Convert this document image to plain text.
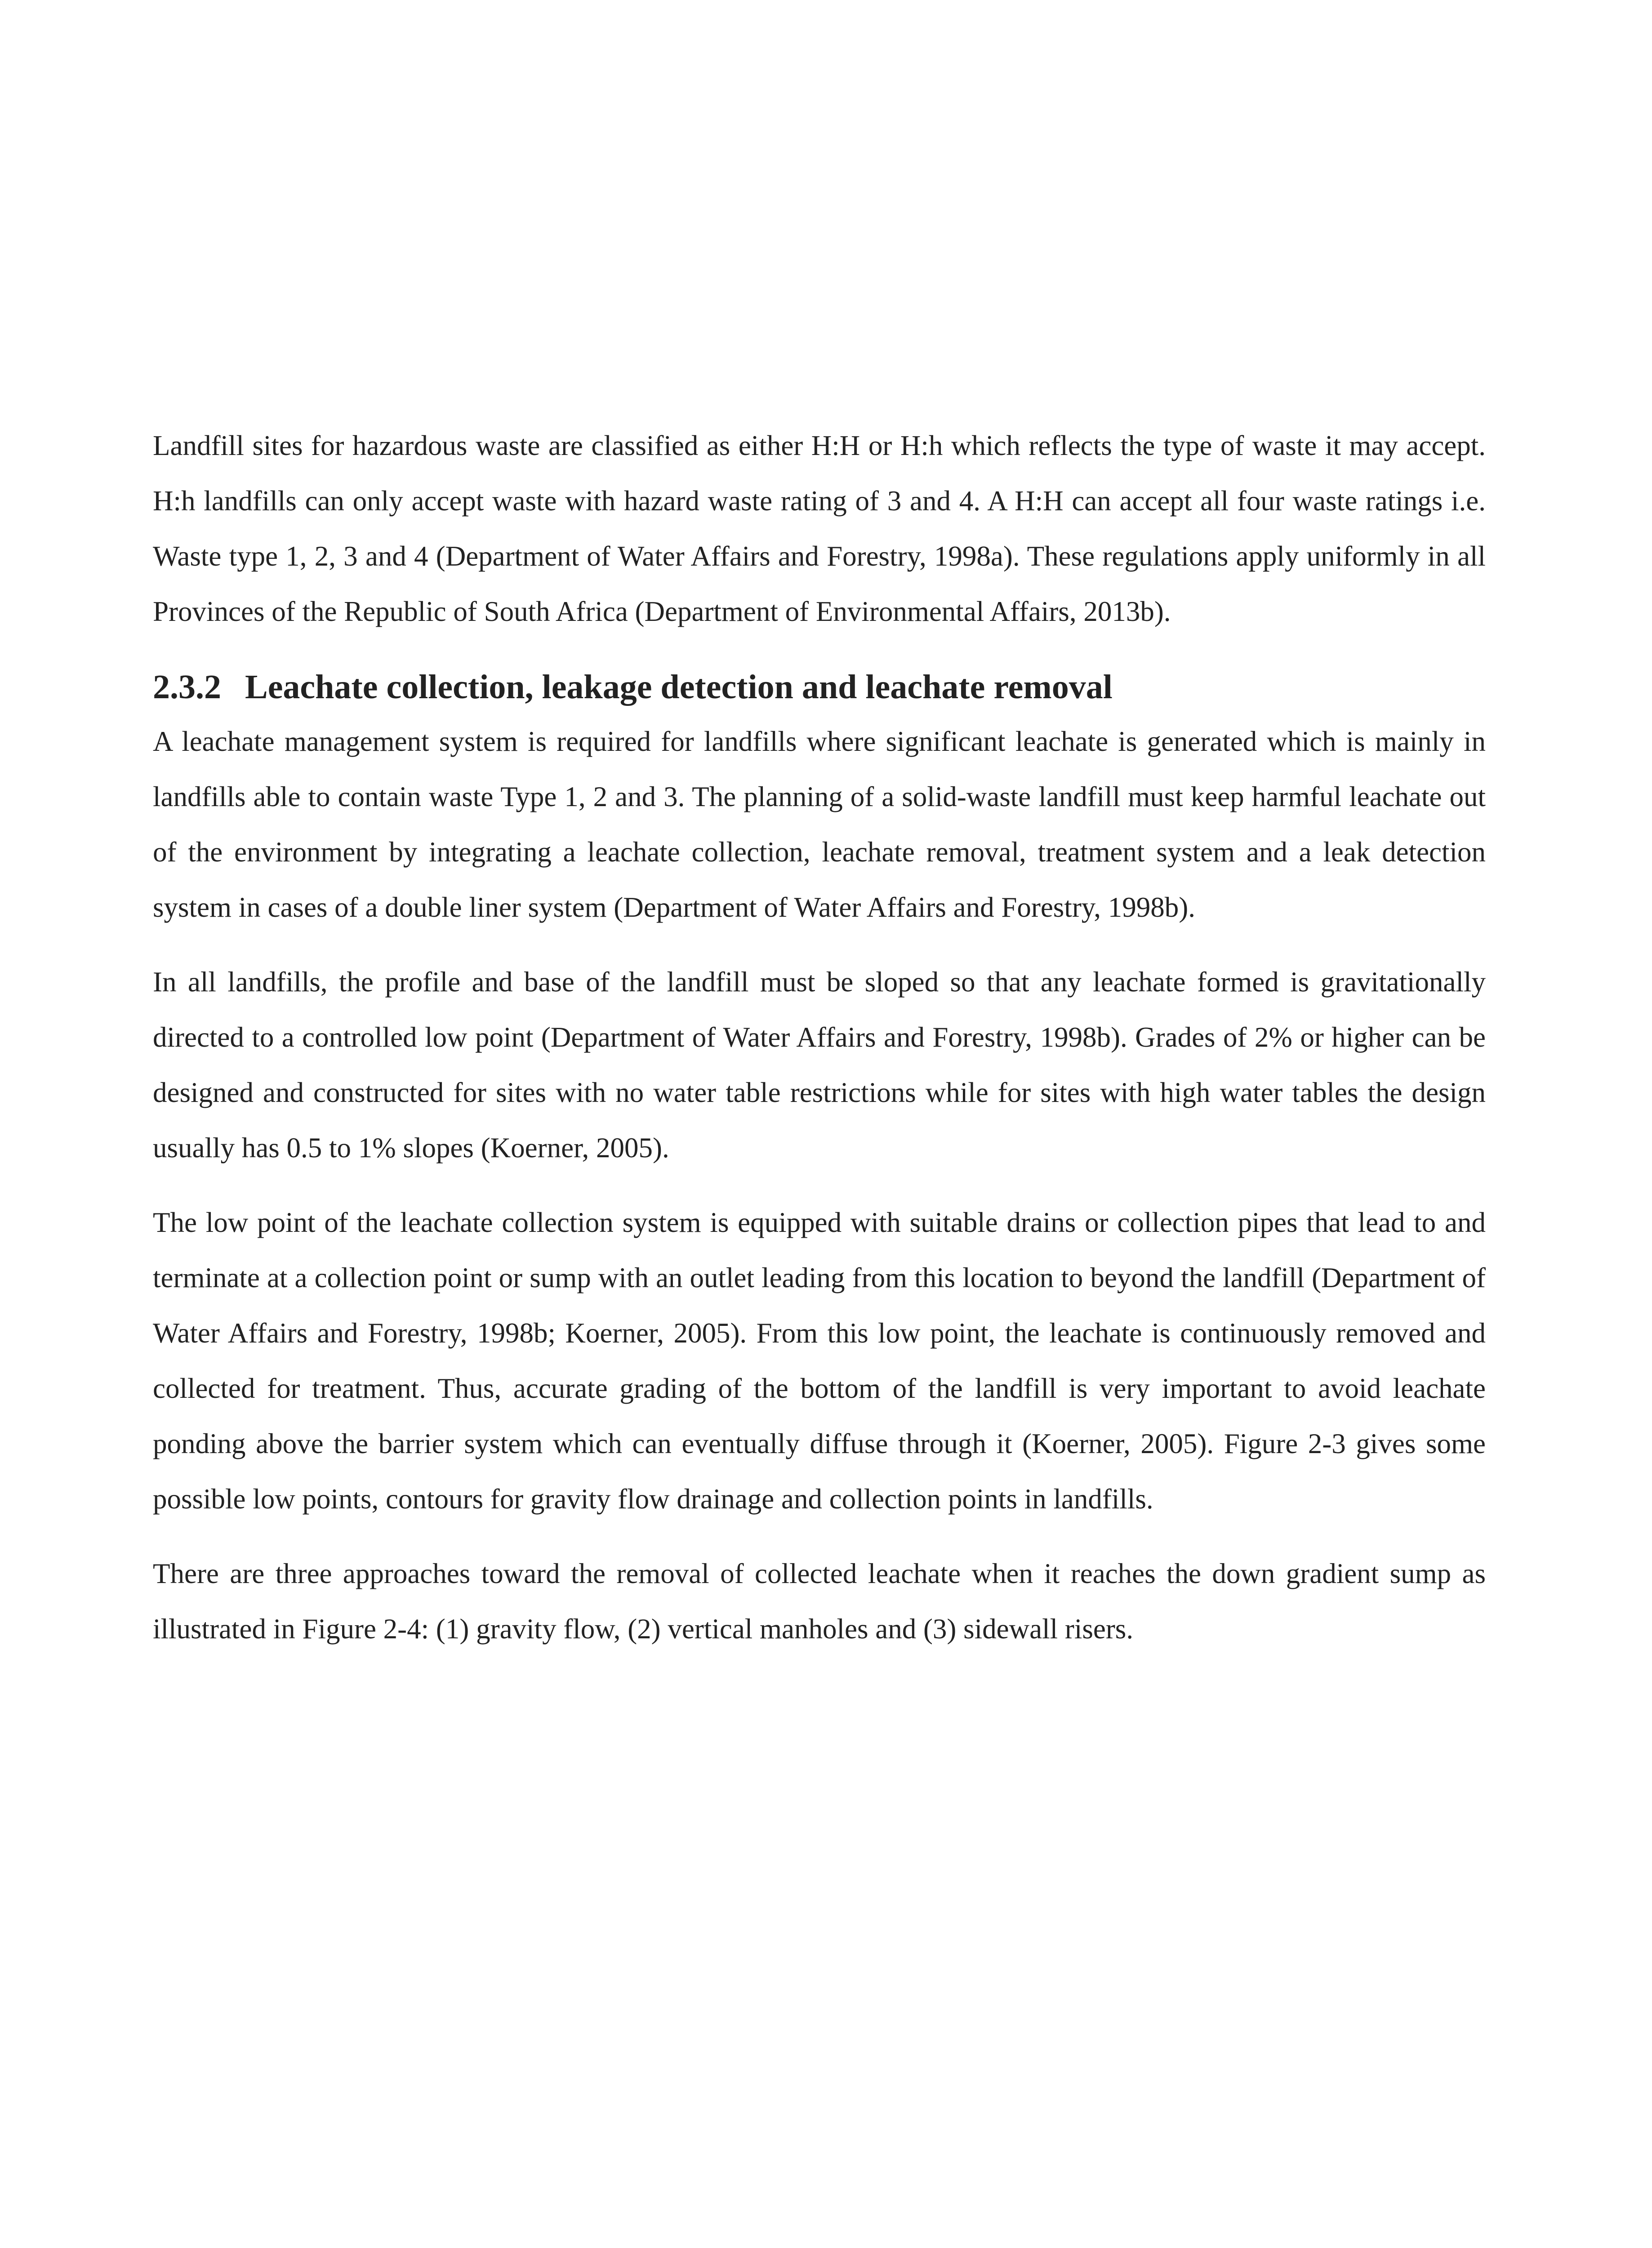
Landfill sites for hazardous waste are classified as either H:H or H:h which reflects the type of waste it may accept. H:h landfills can only accept waste with hazard waste rating of 3 and 4. A H:H can accept all four waste ratings i.e. Waste type 1, 2, 3 and 4 (Department of Water Affairs and Forestry, 1998a). These regulations apply uniformly in all Provinces of the Republic of South Africa (Department of Environmental Affairs, 2013b).

2.3.2 Leachate collection, leakage detection and leachate removal

A leachate management system is required for landfills where significant leachate is generated which is mainly in landfills able to contain waste Type 1, 2 and 3. The planning of a solid-waste landfill must keep harmful leachate out of the environment by integrating a leachate collection, leachate removal, treatment system and a leak detection system in cases of a double liner system (Department of Water Affairs and Forestry, 1998b).

In all landfills, the profile and base of the landfill must be sloped so that any leachate formed is gravitationally directed to a controlled low point (Department of Water Affairs and Forestry, 1998b). Grades of 2% or higher can be designed and constructed for sites with no water table restrictions while for sites with high water tables the design usually has 0.5 to 1% slopes (Koerner, 2005).

The low point of the leachate collection system is equipped with suitable drains or collection pipes that lead to and terminate at a collection point or sump with an outlet leading from this location to beyond the landfill (Department of Water Affairs and Forestry, 1998b; Koerner, 2005). From this low point, the leachate is continuously removed and collected for treatment. Thus, accurate grading of the bottom of the landfill is very important to avoid leachate ponding above the barrier system which can eventually diffuse through it (Koerner, 2005). Figure 2-3 gives some possible low points, contours for gravity flow drainage and collection points in landfills.

There are three approaches toward the removal of collected leachate when it reaches the down gradient sump as illustrated in Figure 2-4: (1) gravity flow, (2) vertical manholes and (3) sidewall risers.
